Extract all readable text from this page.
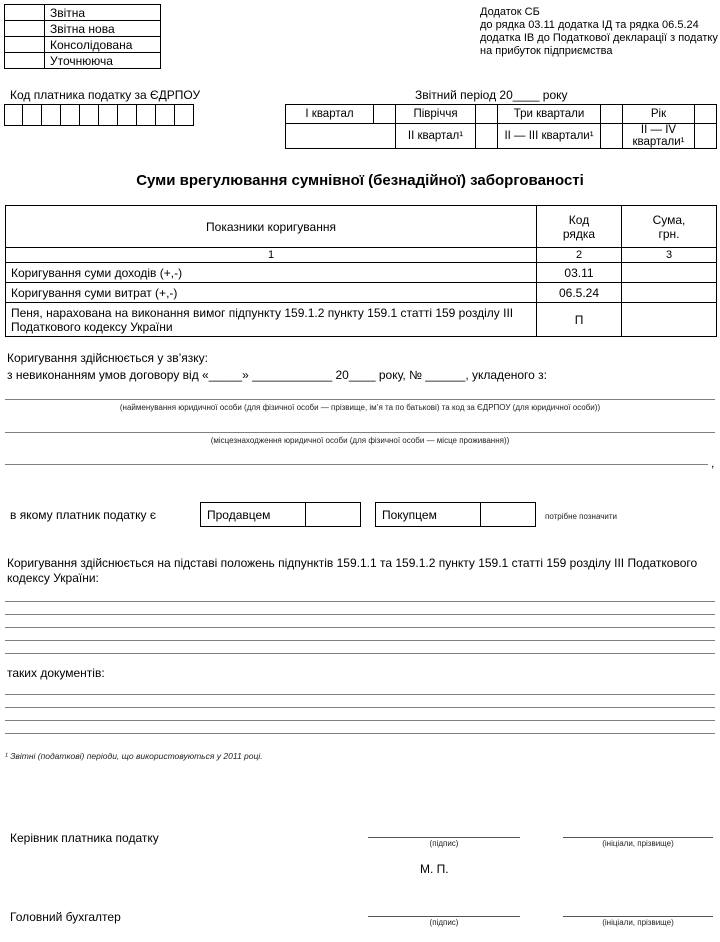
	Звітна
	Звітна нова
	Консолідована
	Уточнююча
Додаток СБ
до рядка 03.11 додатка ІД та рядка 06.5.24
додатка ІВ до Податкової декларації з податку
на прибуток підприємства
Код платника податку за ЄДРПОУ	Звітний період 20____ року
І квартал		Півріччя		Три квартали		Рік	
		ІІ квартал¹		ІІ — ІІІ квартали¹		ІІ — ІV квартали¹	
Суми врегулювання сумнівної (безнадійної) заборгованості
Показники коригування	Код рядка	Сума, грн.

1	2	3
Коригування суми доходів (+,-)	03.11	
Коригування суми витрат (+,-)	06.5.24	
Пеня, нарахована на виконання вимог підпункту 159.1.2 пункту 159.1 статті 159 розділу ІІІ Податкового кодексу України	П	
Коригування здійснюється у зв’язку:
з невиконанням умов договору від «_____» ____________ 20____ року, № ______, укладеного з:
(найменування юридичної особи (для фізичної особи — прізвище, ім’я та по батькові) та код за ЄДРПОУ (для юридичної особи))
(місцезнаходження юридичної особи (для фізичної особи — місце проживання))
,
в якому платник податку є	Продавцем		Покупцем		потрібне позначити
Коригування здійснюється на підставі положень підпунктів 159.1.1 та 159.1.2 пункту 159.1 статті 159 розділу ІІІ Податкового кодексу України:
таких документів:
¹ Звітні (податкові) періоди, що використовуються у 2011 році.
Керівник платника податку	(підпис)	(ініціали, прізвище)
М. П.
Головний бухгалтер	(підпис)	(ініціали, прізвище)
